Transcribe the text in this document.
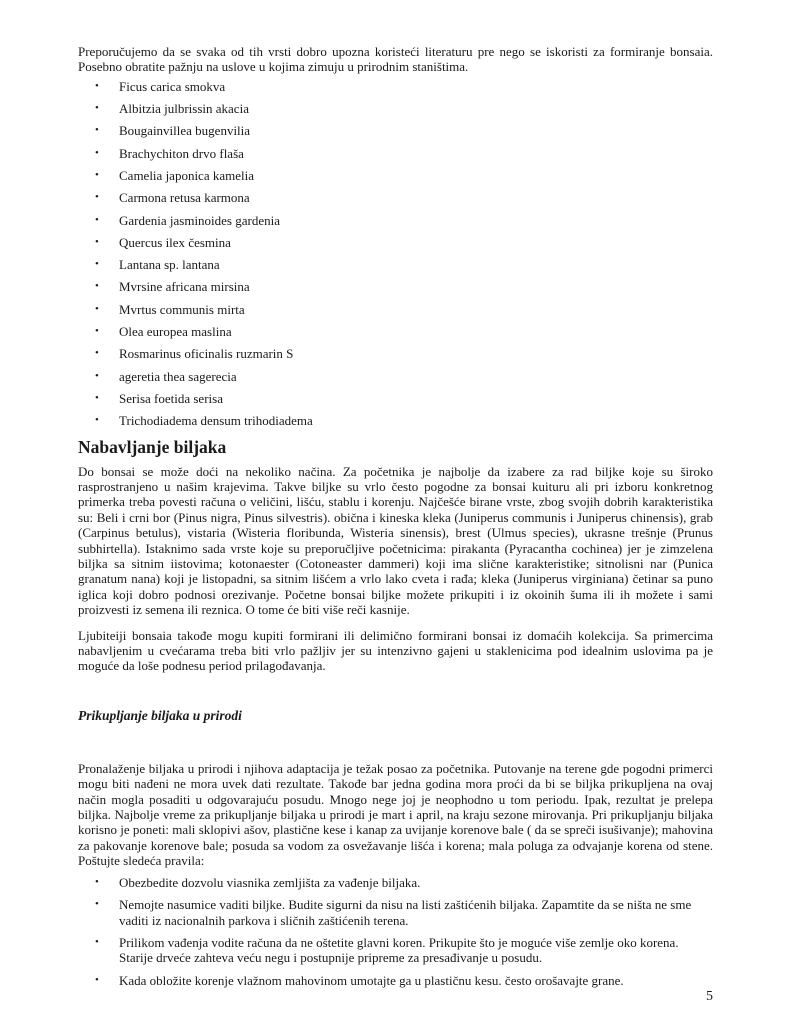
Preporučujemo da se svaka od tih vrsti dobro upozna koristeći literaturu pre nego se iskoristi za formiranje bonsaia. Posebno obratite pažnju na uslove u kojima zimuju u prirodnim staništima.

• Ficus carica smokva
• Albitzia julbrissin akacia
• Bougainvillea bugenvilia
• Brachychiton drvo flaša
• Camelia japonica kamelia
• Carmona retusa karmona
• Gardenia jasminoides gardenia
• Quercus ilex česmina
• Lantana sp. lantana
• Mvrsine africana mirsina
• Mvrtus communis mirta
• Olea europea maslina
• Rosmarinus oficinalis ruzmarin S
• ageretia thea sagerecia
• Serisa foetida serisa
• Trichodiadema densum trihodiadema
Nabavljanje biljaka

Do bonsai se može doći na nekoliko načina. Za početnika je najbolje da izabere za rad biljke koje su široko rasprostranjeno u našim krajevima. Takve biljke su vrlo često pogodne za bonsai kuituru ali pri izboru konkretnog primerka treba povesti računa o veličini, lišću, stablu i korenju. Najčešće birane vrste, zbog svojih dobrih karakteristika su: Beli i crni bor (Pinus nigra, Pinus silvestris). obična i kineska kleka (Juniperus communis i Juniperus chinensis), grab (Carpinus betulus), vistaria (Wisteria floribunda, Wisteria sinensis), brest (Ulmus species), ukrasne trešnje (Prunus subhirtella). Istaknimo sada vrste koje su preporučljive početnicima: pirakanta (Pyracantha cochinea) jer je zimzelena biljka sa sitnim iistovima; kotonaester (Cotoneaster dammeri) koji ima slične karakteristike; sitnolisni nar (Punica granatum nana) koji je listopadni, sa sitnim lišćem a vrlo lako cveta i rađa; kleka (Juniperus virginiana) četinar sa puno iglica koji dobro podnosi orezivanje. Početne bonsai biljke možete prikupiti i iz okoinih šuma ili ih možete i sami proizvesti iz semena ili reznica. O tome će biti više reči kasnije.

Ljubiteiji bonsaia takođe mogu kupiti formirani ili delimično formirani bonsai iz domaćih kolekcija. Sa primercima nabavljenim u cvećarama treba biti vrlo pažljiv jer su intenzivno gajeni u staklenicima pod idealnim uslovima pa je moguće da loše podnesu period prilagođavanja.

Prikupljanje biljaka u prirodi

Pronalaženje biljaka u prirodi i njihova adaptacija je težak posao za početnika. Putovanje na terene gde pogodni primerci mogu biti nađeni ne mora uvek dati rezultate. Takođe bar jedna godina mora proći da bi se biljka prikupljena na ovaj način mogla posaditi u odgovarajuću posudu. Mnogo nege joj je neophodno u tom periodu. Ipak, rezultat je prelepa biljka. Najbolje vreme za prikupljanje biljaka u prirodi je mart i april, na kraju sezone mirovanja. Pri prikupljanju biljaka korisno je poneti: mali sklopivi ašov, plastične kese i kanap za uvijanje korenove bale ( da se spreči isušivanje); mahovina za pakovanje korenove bale; posuda sa vodom za osvežavanje lišća i korena; mala poluga za odvajanje korena od stene. Poštujte sledeća pravila:

• Obezbedite dozvolu viasnika zemljišta za vađenje biljaka.
• Nemojte nasumice vaditi biljke. Budite sigurni da nisu na listi zaštićenih biljaka. Zapamtite da se ništa ne sme vaditi iz nacionalnih parkova i sličnih zaštićenih terena.
• Prilikom vađenja vodite računa da ne oštetite glavni koren. Prikupite što je moguće više zemlje oko korena. Starije drveće zahteva veću negu i postupnije pripreme za presađivanje u posudu.
• Kada obložite korenje vlažnom mahovinom umotajte ga u plastičnu kesu. često orošavajte grane.
5
